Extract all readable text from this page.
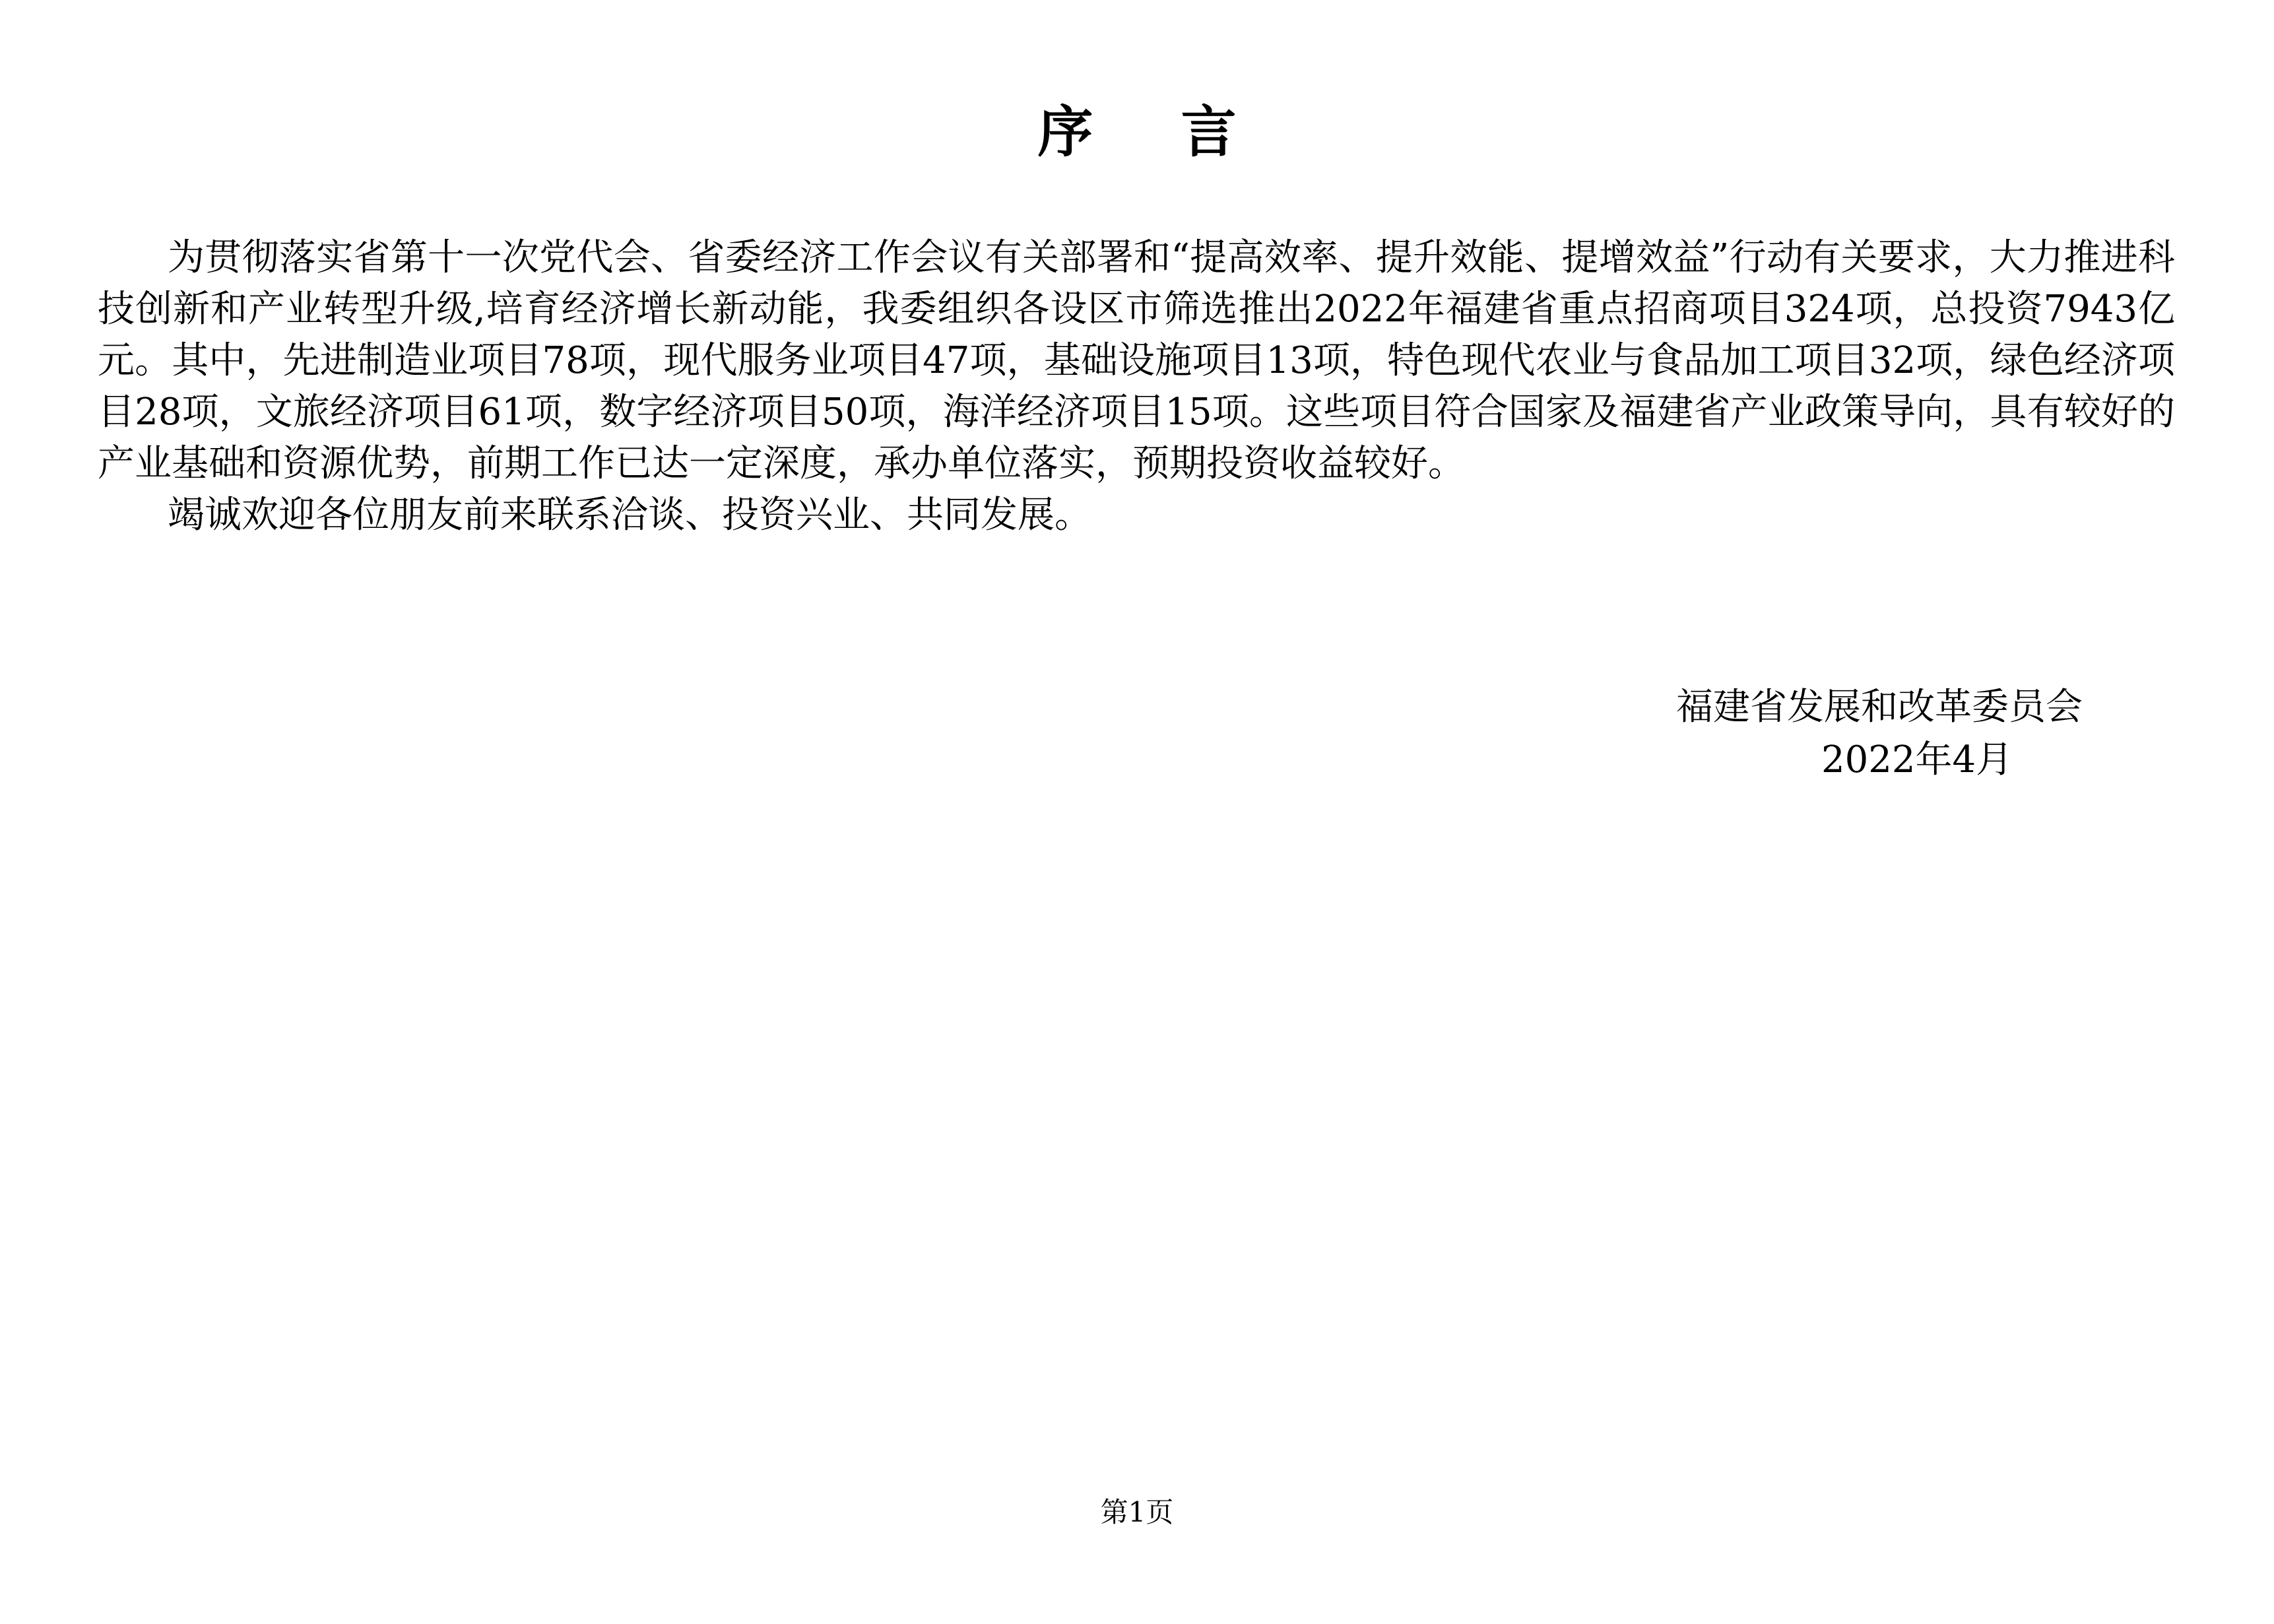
序 言

为贯彻落实省第十一次党代会、省委经济工作会议有关部署和“提高效率、提升效能、提增效益”行动有关要求，大力推进科技创新和产业转型升级,培育经济增长新动能，我委组织各设区市筛选推出2022年福建省重点招商项目324项，总投资7943亿元。其中，先进制造业项目78项，现代服务业项目47项，基础设施项目13项，特色现代农业与食品加工项目32项，绿色经济项目28项，文旅经济项目61项，数字经济项目50项，海洋经济项目15项。这些项目符合国家及福建省产业政策导向，具有较好的产业基础和资源优势，前期工作已达一定深度，承办单位落实，预期投资收益较好。

竭诚欢迎各位朋友前来联系洽谈、投资兴业、共同发展。

福建省发展和改革委员会
2022年4月
第1页
